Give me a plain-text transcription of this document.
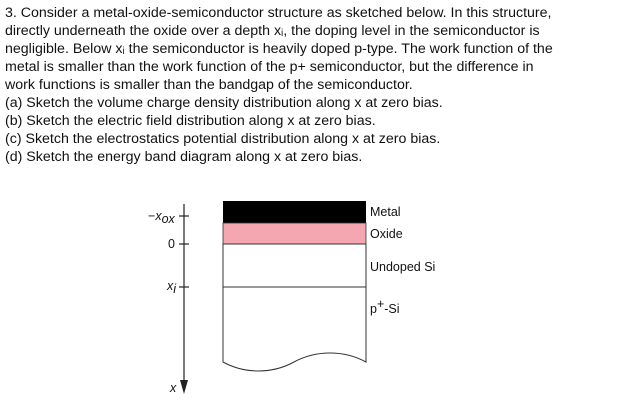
3. Consider a metal-oxide-semiconductor structure as sketched below. In this structure,
directly underneath the oxide over a depth xᵢ, the doping level in the semiconductor is
negligible. Below xᵢ the semiconductor is heavily doped p-type. The work function of the
metal is smaller than the work function of the p+ semiconductor, but the difference in
work functions is smaller than the bandgap of the semiconductor.
(a) Sketch the volume charge density distribution along x at zero bias.
(b) Sketch the electric field distribution along x at zero bias.
(c) Sketch the electrostatics potential distribution along x at zero bias.
(d) Sketch the energy band diagram along x at zero bias.
−xox
0
xi
x
Metal
Oxide
Undoped Si
$p^+_{-Si}$
